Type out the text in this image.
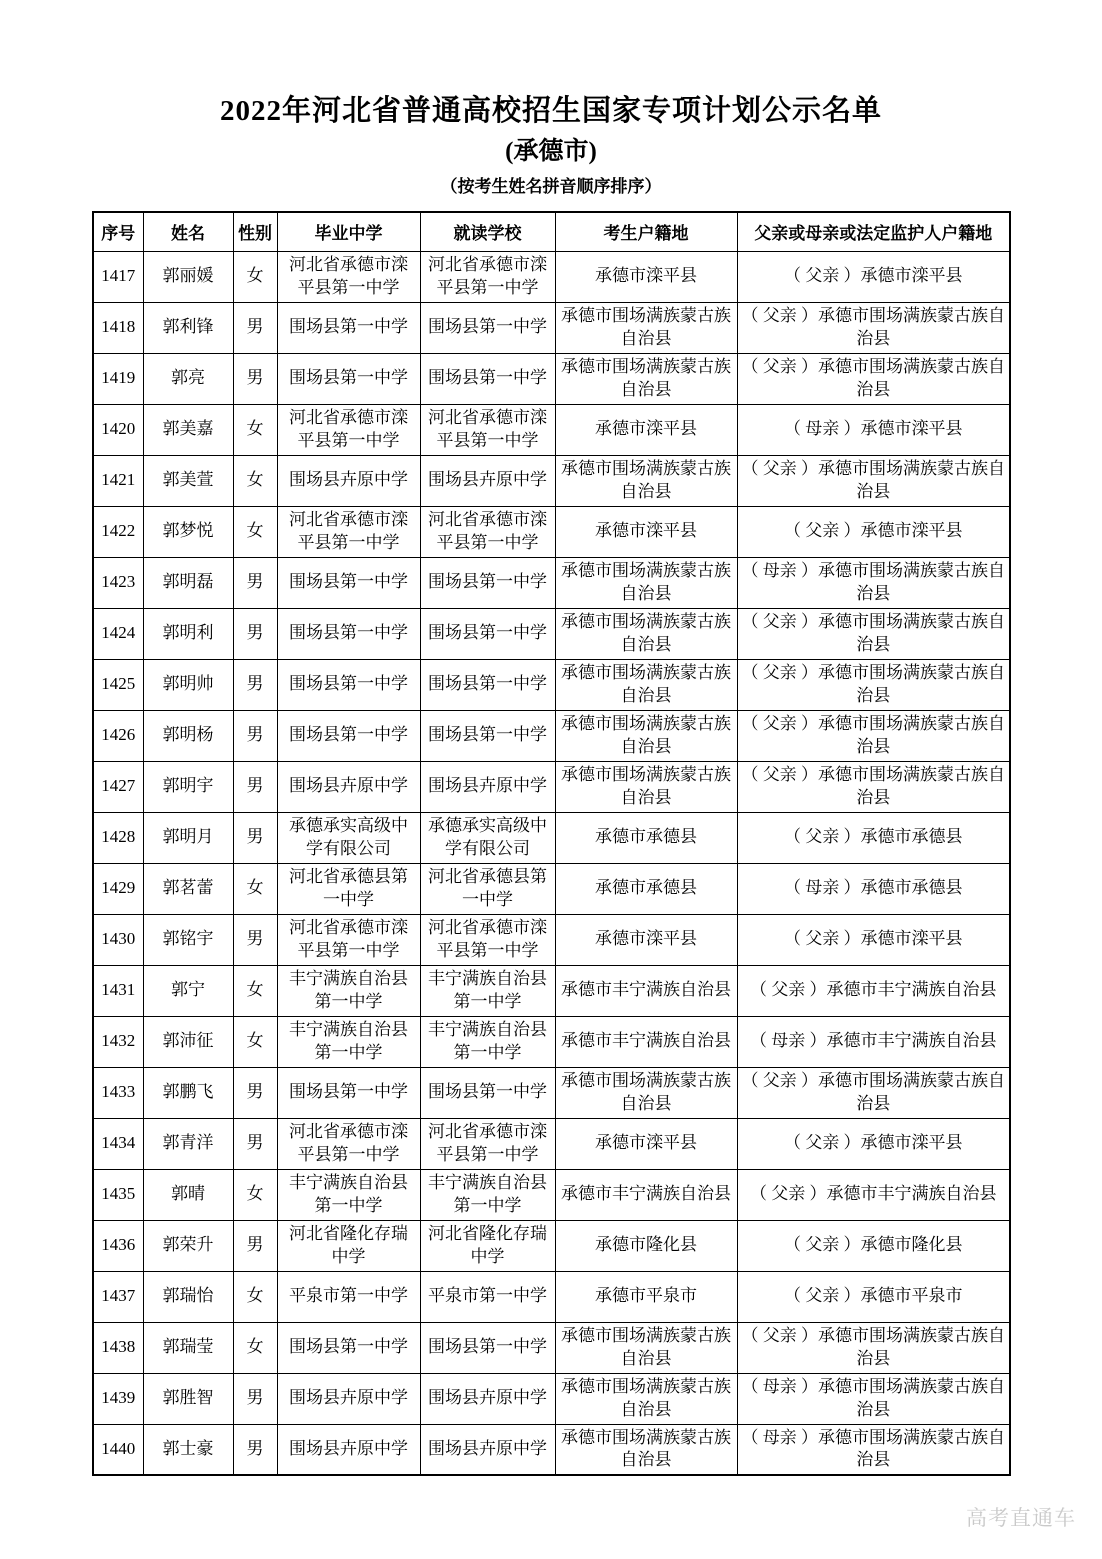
2022年河北省普通高校招生国家专项计划公示名单
(承德市)
（按考生姓名拼音顺序排序）
序号	姓名	性别	毕业中学	就读学校	考生户籍地	父亲或母亲或法定监护人户籍地
1417	郭丽媛	女	河北省承德市滦平县第一中学	河北省承德市滦平县第一中学	承德市滦平县	（ 父亲 ）承德市滦平县
1418	郭利锋	男	围场县第一中学	围场县第一中学	承德市围场满族蒙古族自治县	（ 父亲 ）承德市围场满族蒙古族自治县
1419	郭亮	男	围场县第一中学	围场县第一中学	承德市围场满族蒙古族自治县	（ 父亲 ）承德市围场满族蒙古族自治县
1420	郭美嘉	女	河北省承德市滦平县第一中学	河北省承德市滦平县第一中学	承德市滦平县	（ 母亲 ）承德市滦平县
1421	郭美萱	女	围场县卉原中学	围场县卉原中学	承德市围场满族蒙古族自治县	（ 父亲 ）承德市围场满族蒙古族自治县
1422	郭梦悦	女	河北省承德市滦平县第一中学	河北省承德市滦平县第一中学	承德市滦平县	（ 父亲 ）承德市滦平县
1423	郭明磊	男	围场县第一中学	围场县第一中学	承德市围场满族蒙古族自治县	（ 母亲 ）承德市围场满族蒙古族自治县
1424	郭明利	男	围场县第一中学	围场县第一中学	承德市围场满族蒙古族自治县	（ 父亲 ）承德市围场满族蒙古族自治县
1425	郭明帅	男	围场县第一中学	围场县第一中学	承德市围场满族蒙古族自治县	（ 父亲 ）承德市围场满族蒙古族自治县
1426	郭明杨	男	围场县第一中学	围场县第一中学	承德市围场满族蒙古族自治县	（ 父亲 ）承德市围场满族蒙古族自治县
1427	郭明宇	男	围场县卉原中学	围场县卉原中学	承德市围场满族蒙古族自治县	（ 父亲 ）承德市围场满族蒙古族自治县
1428	郭明月	男	承德承实高级中学有限公司	承德承实高级中学有限公司	承德市承德县	（ 父亲 ）承德市承德县
1429	郭茗蕾	女	河北省承德县第一中学	河北省承德县第一中学	承德市承德县	（ 母亲 ）承德市承德县
1430	郭铭宇	男	河北省承德市滦平县第一中学	河北省承德市滦平县第一中学	承德市滦平县	（ 父亲 ）承德市滦平县
1431	郭宁	女	丰宁满族自治县第一中学	丰宁满族自治县第一中学	承德市丰宁满族自治县	（ 父亲 ）承德市丰宁满族自治县
1432	郭沛征	女	丰宁满族自治县第一中学	丰宁满族自治县第一中学	承德市丰宁满族自治县	（ 母亲 ）承德市丰宁满族自治县
1433	郭鹏飞	男	围场县第一中学	围场县第一中学	承德市围场满族蒙古族自治县	（ 父亲 ）承德市围场满族蒙古族自治县
1434	郭青洋	男	河北省承德市滦平县第一中学	河北省承德市滦平县第一中学	承德市滦平县	（ 父亲 ）承德市滦平县
1435	郭晴	女	丰宁满族自治县第一中学	丰宁满族自治县第一中学	承德市丰宁满族自治县	（ 父亲 ）承德市丰宁满族自治县
1436	郭荣升	男	河北省隆化存瑞中学	河北省隆化存瑞中学	承德市隆化县	（ 父亲 ）承德市隆化县
1437	郭瑞怡	女	平泉市第一中学	平泉市第一中学	承德市平泉市	（ 父亲 ）承德市平泉市
1438	郭瑞莹	女	围场县第一中学	围场县第一中学	承德市围场满族蒙古族自治县	（ 父亲 ）承德市围场满族蒙古族自治县
1439	郭胜智	男	围场县卉原中学	围场县卉原中学	承德市围场满族蒙古族自治县	（ 母亲 ）承德市围场满族蒙古族自治县
1440	郭士豪	男	围场县卉原中学	围场县卉原中学	承德市围场满族蒙古族自治县	（ 母亲 ）承德市围场满族蒙古族自治县
高考直通车
